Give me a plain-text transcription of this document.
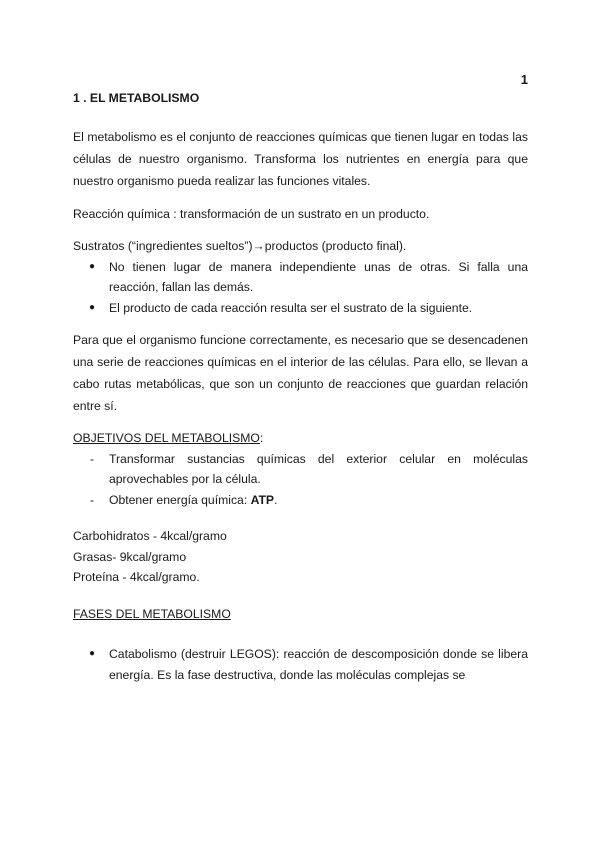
1
1 . EL METABOLISMO

El metabolismo es el conjunto de reacciones químicas que tienen lugar en todas las células de nuestro organismo. Transforma los nutrientes en energía para que nuestro organismo pueda realizar las funciones vitales.

Reacción química : transformación de un sustrato en un producto.

Sustratos (“ingredientes sueltos”)→productos (producto final).

● No tienen lugar de manera independiente unas de otras. Si falla una reacción, fallan las demás.
● El producto de cada reacción resulta ser el sustrato de la siguiente.

Para que el organismo funcione correctamente, es necesario que se desencadenen una serie de reacciones químicas en el interior de las células. Para ello, se llevan a cabo rutas metabólicas, que son un conjunto de reacciones que guardan relación entre sí.

OBJETIVOS DEL METABOLISMO:

- Transformar sustancias químicas del exterior celular en moléculas aprovechables por la célula.
- Obtener energía química: ATP.

Carbohidratos - 4kcal/gramo

Grasas- 9kcal/gramo

Proteína - 4kcal/gramo.

FASES DEL METABOLISMO

● Catabolismo (destruir LEGOS): reacción de descomposición donde se libera energía. Es la fase destructiva, donde las moléculas complejas se
